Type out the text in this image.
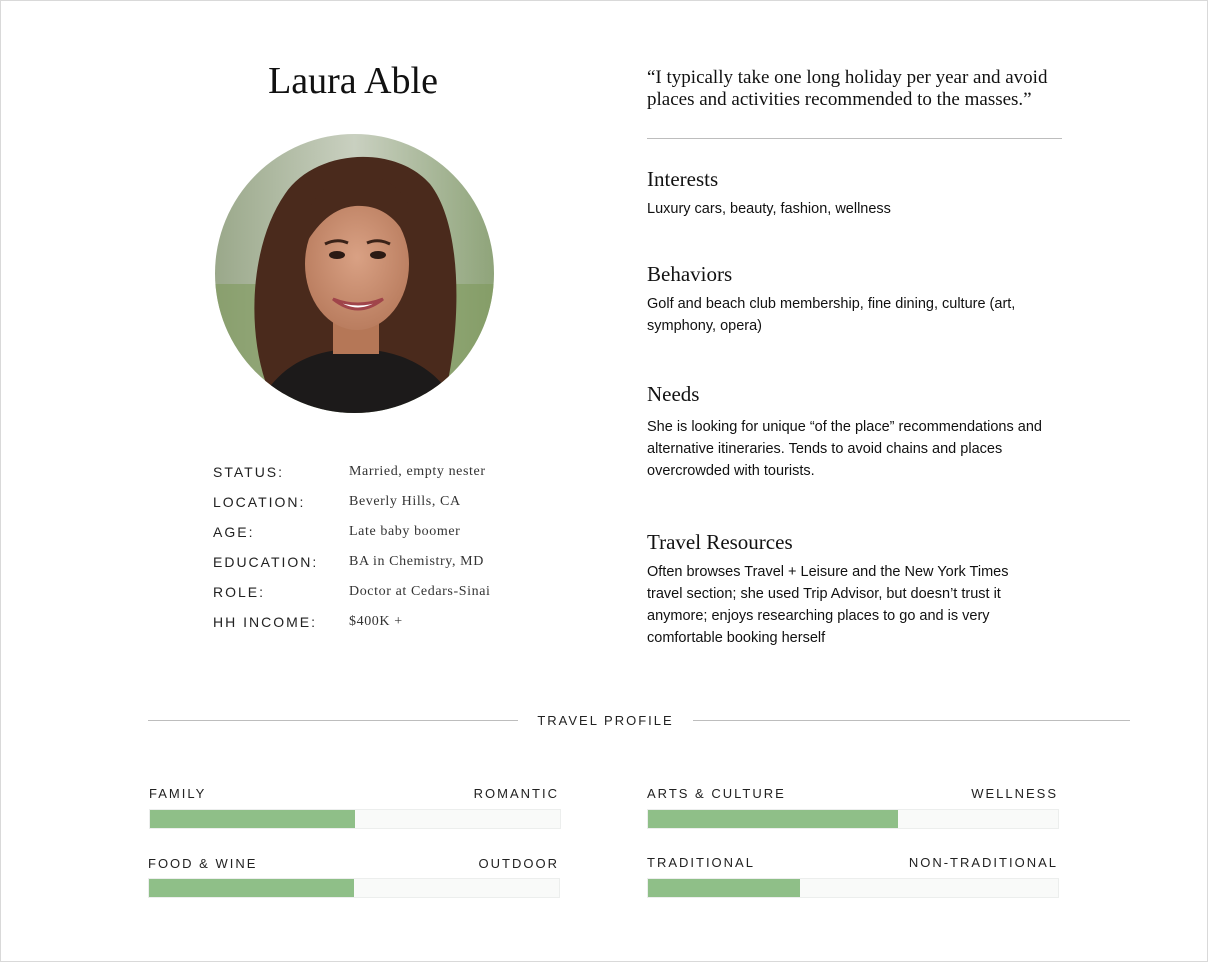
Laura Able
STATUS:	Married, empty nester
LOCATION:	Beverly Hills, CA
AGE:	Late baby boomer
EDUCATION: BA in Chemistry, MD
ROLE:	Doctor at Cedars-Sinai
HH INCOME: $400K +
“I typically take one long holiday per year and avoid
places and activities recommended to the masses.”
Interests
Luxury cars, beauty, fashion, wellness
Behaviors
Golf and beach club membership, fine dining, culture (art,
symphony, opera)
Needs
She is looking for unique “of the place” recommendations and
alternative itineraries. Tends to avoid chains and places
overcrowded with tourists.
Travel Resources
Often browses Travel + Leisure and the New York Times
travel section; she used Trip Advisor, but doesn’t trust it
anymore; enjoys researching places to go and is very
comfortable booking herself
TRAVEL PROFILE
FAMILY	ROMANTIC	ARTS & CULTURE	WELLNESS
FOOD & WINE	OUTDOOR	TRADITIONAL	NON-TRADITIONAL
